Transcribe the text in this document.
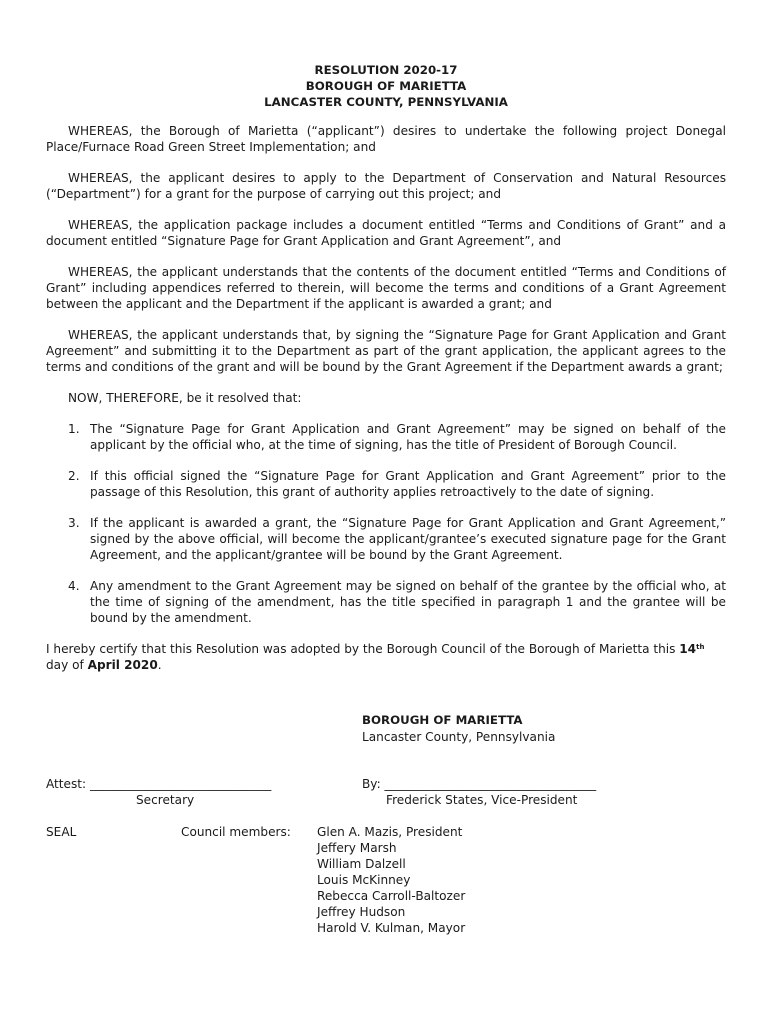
RESOLUTION 2020-17

BOROUGH OF MARIETTA

LANCASTER COUNTY, PENNSYLVANIA

WHEREAS, the Borough of Marietta (“applicant”) desires to undertake the following project Donegal Place/Furnace Road Green Street Implementation; and

WHEREAS, the applicant desires to apply to the Department of Conservation and Natural Resources (“Department”) for a grant for the purpose of carrying out this project; and

WHEREAS, the application package includes a document entitled “Terms and Conditions of Grant” and a document entitled “Signature Page for Grant Application and Grant Agreement”, and

WHEREAS, the applicant understands that the contents of the document entitled “Terms and Conditions of Grant” including appendices referred to therein, will become the terms and conditions of a Grant Agreement between the applicant and the Department if the applicant is awarded a grant; and

WHEREAS, the applicant understands that, by signing the “Signature Page for Grant Application and Grant Agreement” and submitting it to the Department as part of the grant application, the applicant agrees to the terms and conditions of the grant and will be bound by the Grant Agreement if the Department awards a grant;

NOW, THEREFORE, be it resolved that:

1. The “Signature Page for Grant Application and Grant Agreement” may be signed on behalf of the applicant by the official who, at the time of signing, has the title of President of Borough Council.
2. If this official signed the “Signature Page for Grant Application and Grant Agreement” prior to the passage of this Resolution, this grant of authority applies retroactively to the date of signing.
3. If the applicant is awarded a grant, the “Signature Page for Grant Application and Grant Agreement,” signed by the above official, will become the applicant/grantee’s executed signature page for the Grant Agreement, and the applicant/grantee will be bound by the Grant Agreement.
4. Any amendment to the Grant Agreement may be signed on behalf of the grantee by the official who, at the time of signing of the amendment, has the title specified in paragraph 1 and the grantee will be bound by the amendment.

I hereby certify that this Resolution was adopted by the Borough Council of the Borough of Marietta this 14th day of April 2020.

BOROUGH OF MARIETTA
Lancaster County, Pennsylvania
Attest: ______________________________
Secretary
By: ___________________________________
Frederick States, Vice-President
SEAL	Council members: Glen A. Mazis, President
Jeffery Marsh
William Dalzell
Louis McKinney
Rebecca Carroll-Baltozer
Jeffrey Hudson
Harold V. Kulman, Mayor
